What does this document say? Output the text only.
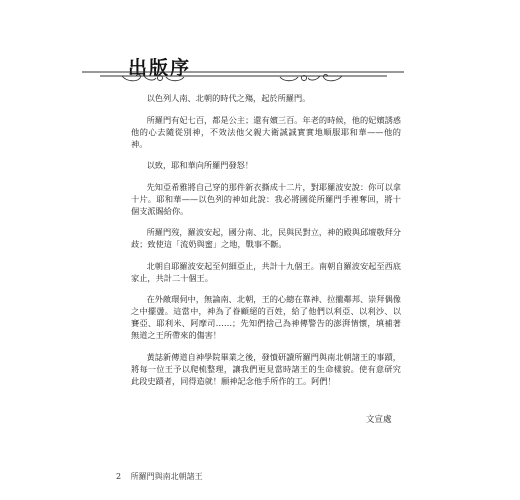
出版序

以色列人南、北朝的時代之殤，起於所羅門。

所羅門有妃七百，都是公主；還有嬪三百。年老的時候，他的妃嬪誘惑他的心去隨從別神，不效法他父親大衛誠誠實實地順服耶和華——他的神。

以致，耶和華向所羅門發怒！

先知亞希雅將自己穿的那件新衣撕成十二片，對耶羅波安說：你可以拿十片。耶和華——以色列的神如此說：我必將國從所羅門手裡奪回，將十個支派賜給你。

所羅門歿，羅波安起，國分南、北，民與民對立，神的殿與邱壇敬拜分歧；致使這「流奶與蜜」之地，戰事不斷。

北朝自耶羅波安起至何細亞止，共計十九個王。南朝自羅波安起至西底家止，共計二十個王。

在外敵環伺中，無論南、北朝，王的心總在靠神、拉攏鄰邦、崇拜偶像之中擺盪。這當中，神為了眷顧絕的百姓，給了他們以利亞、以利沙、以賽亞、耶利米、阿摩司……；先知們捨己為神傳警告的澎湃情懷，填補著無道之王所帶來的傷害！

黃誌新傳道自神學院畢業之後，發憤研讀所羅門與南北朝諸王的事蹟，將每一位王予以爬梳整理，讓我們更見當時諸王的生命樣貌。使有意研究此段史蹟者，同得造就！願神記念他手所作的工。阿們！

文宣處
2 所羅門與南北朝諸王
